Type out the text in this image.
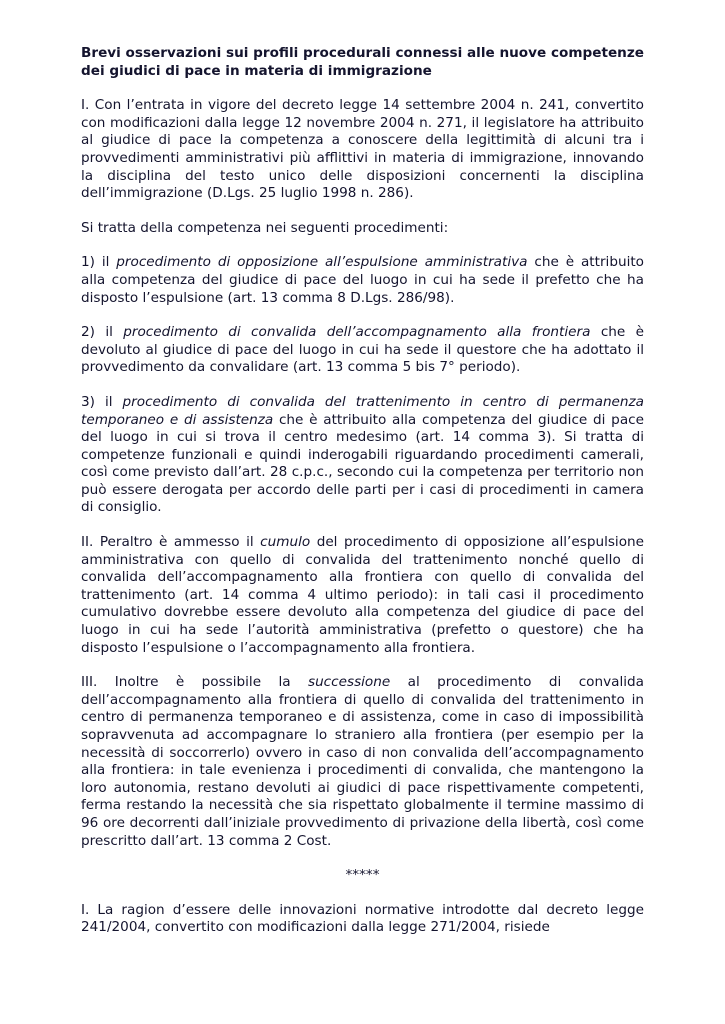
Brevi osservazioni sui profili procedurali connessi alle nuove competenze dei giudici di pace in materia di immigrazione

I. Con l’entrata in vigore del decreto legge 14 settembre 2004 n. 241, convertito con modificazioni dalla legge 12 novembre 2004 n. 271, il legislatore ha attribuito al giudice di pace la competenza a conoscere della legittimità di alcuni tra i provvedimenti amministrativi più afflittivi in materia di immigrazione, innovando la disciplina del testo unico delle disposizioni concernenti la disciplina dell’immigrazione (D.Lgs. 25 luglio 1998 n. 286).

Si tratta della competenza nei seguenti procedimenti:

1) il procedimento di opposizione all’espulsione amministrativa che è attribuito alla competenza del giudice di pace del luogo in cui ha sede il prefetto che ha disposto l’espulsione (art. 13 comma 8 D.Lgs. 286/98).

2) il procedimento di convalida dell’accompagnamento alla frontiera che è devoluto al giudice di pace del luogo in cui ha sede il questore che ha adottato il provvedimento da convalidare (art. 13 comma 5 bis 7° periodo).

3) il procedimento di convalida del trattenimento in centro di permanenza temporaneo e di assistenza che è attribuito alla competenza del giudice di pace del luogo in cui si trova il centro medesimo (art. 14 comma 3). Si tratta di competenze funzionali e quindi inderogabili riguardando procedimenti camerali, così come previsto dall’art. 28 c.p.c., secondo cui la competenza per territorio non può essere derogata per accordo delle parti per i casi di procedimenti in camera di consiglio.

II. Peraltro è ammesso il cumulo del procedimento di opposizione all’espulsione amministrativa con quello di convalida del trattenimento nonché quello di convalida dell’accompagnamento alla frontiera con quello di convalida del trattenimento (art. 14 comma 4 ultimo periodo): in tali casi il procedimento cumulativo dovrebbe essere devoluto alla competenza del giudice di pace del luogo in cui ha sede l’autorità amministrativa (prefetto o questore) che ha disposto l’espulsione o l’accompagnamento alla frontiera.

III. Inoltre è possibile la successione al procedimento di convalida dell’accompagnamento alla frontiera di quello di convalida del trattenimento in centro di permanenza temporaneo e di assistenza, come in caso di impossibilità sopravvenuta ad accompagnare lo straniero alla frontiera (per esempio per la necessità di soccorrerlo) ovvero in caso di non convalida dell’accompagnamento alla frontiera: in tale evenienza i procedimenti di convalida, che mantengono la loro autonomia, restano devoluti ai giudici di pace rispettivamente competenti, ferma restando la necessità che sia rispettato globalmente il termine massimo di 96 ore decorrenti dall’iniziale provvedimento di privazione della libertà, così come prescritto dall’art. 13 comma 2 Cost.

*****

I. La ragion d’essere delle innovazioni normative introdotte dal decreto legge 241/2004, convertito con modificazioni dalla legge 271/2004, risiede
